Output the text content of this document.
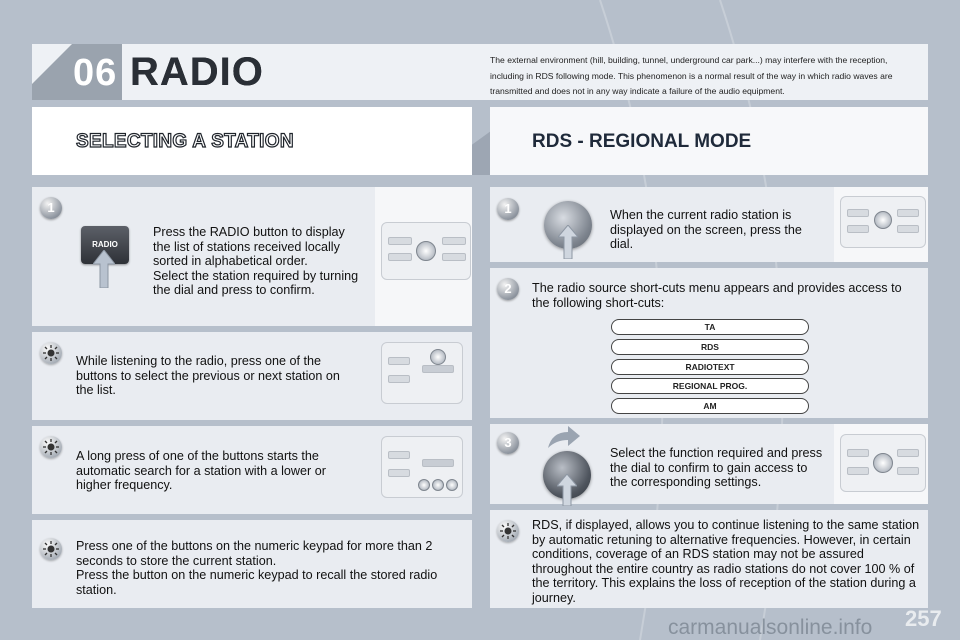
06 RADIO	The external environment (hill, building, tunnel, underground car park...) may interfere with the reception, including in RDS following mode. This phenomenon is a normal result of the way in which radio waves are transmitted and does not in any way indicate a failure of the audio equipment.
SELECTING A STATION	RDS - REGIONAL MODE
1
RADIO
Press the RADIO button to display the list of stations received locally sorted in alphabetical order.
Select the station required by turning the dial and press to confirm.
While listening to the radio, press one of the buttons to select the previous or next station on the list.
A long press of one of the buttons starts the automatic search for a station with a lower or higher frequency.
Press one of the buttons on the numeric keypad for more than 2 seconds to store the current station.
Press the button on the numeric keypad to recall the stored radio station.
1	When the current radio station is displayed on the screen, press the dial.
2	The radio source short-cuts menu appears and provides access to the following short-cuts:
TA
RDS
RADIOTEXT
REGIONAL PROG.
AM
3
Select the function required and press the dial to confirm to gain access to the corresponding settings.
RDS, if displayed, allows you to continue listening to the same station by automatic retuning to alternative frequencies. However, in certain conditions, coverage of an RDS station may not be assured throughout the entire country as radio stations do not cover 100 % of the territory. This explains the loss of reception of the station during a journey.
carmanualsonline.info 257
